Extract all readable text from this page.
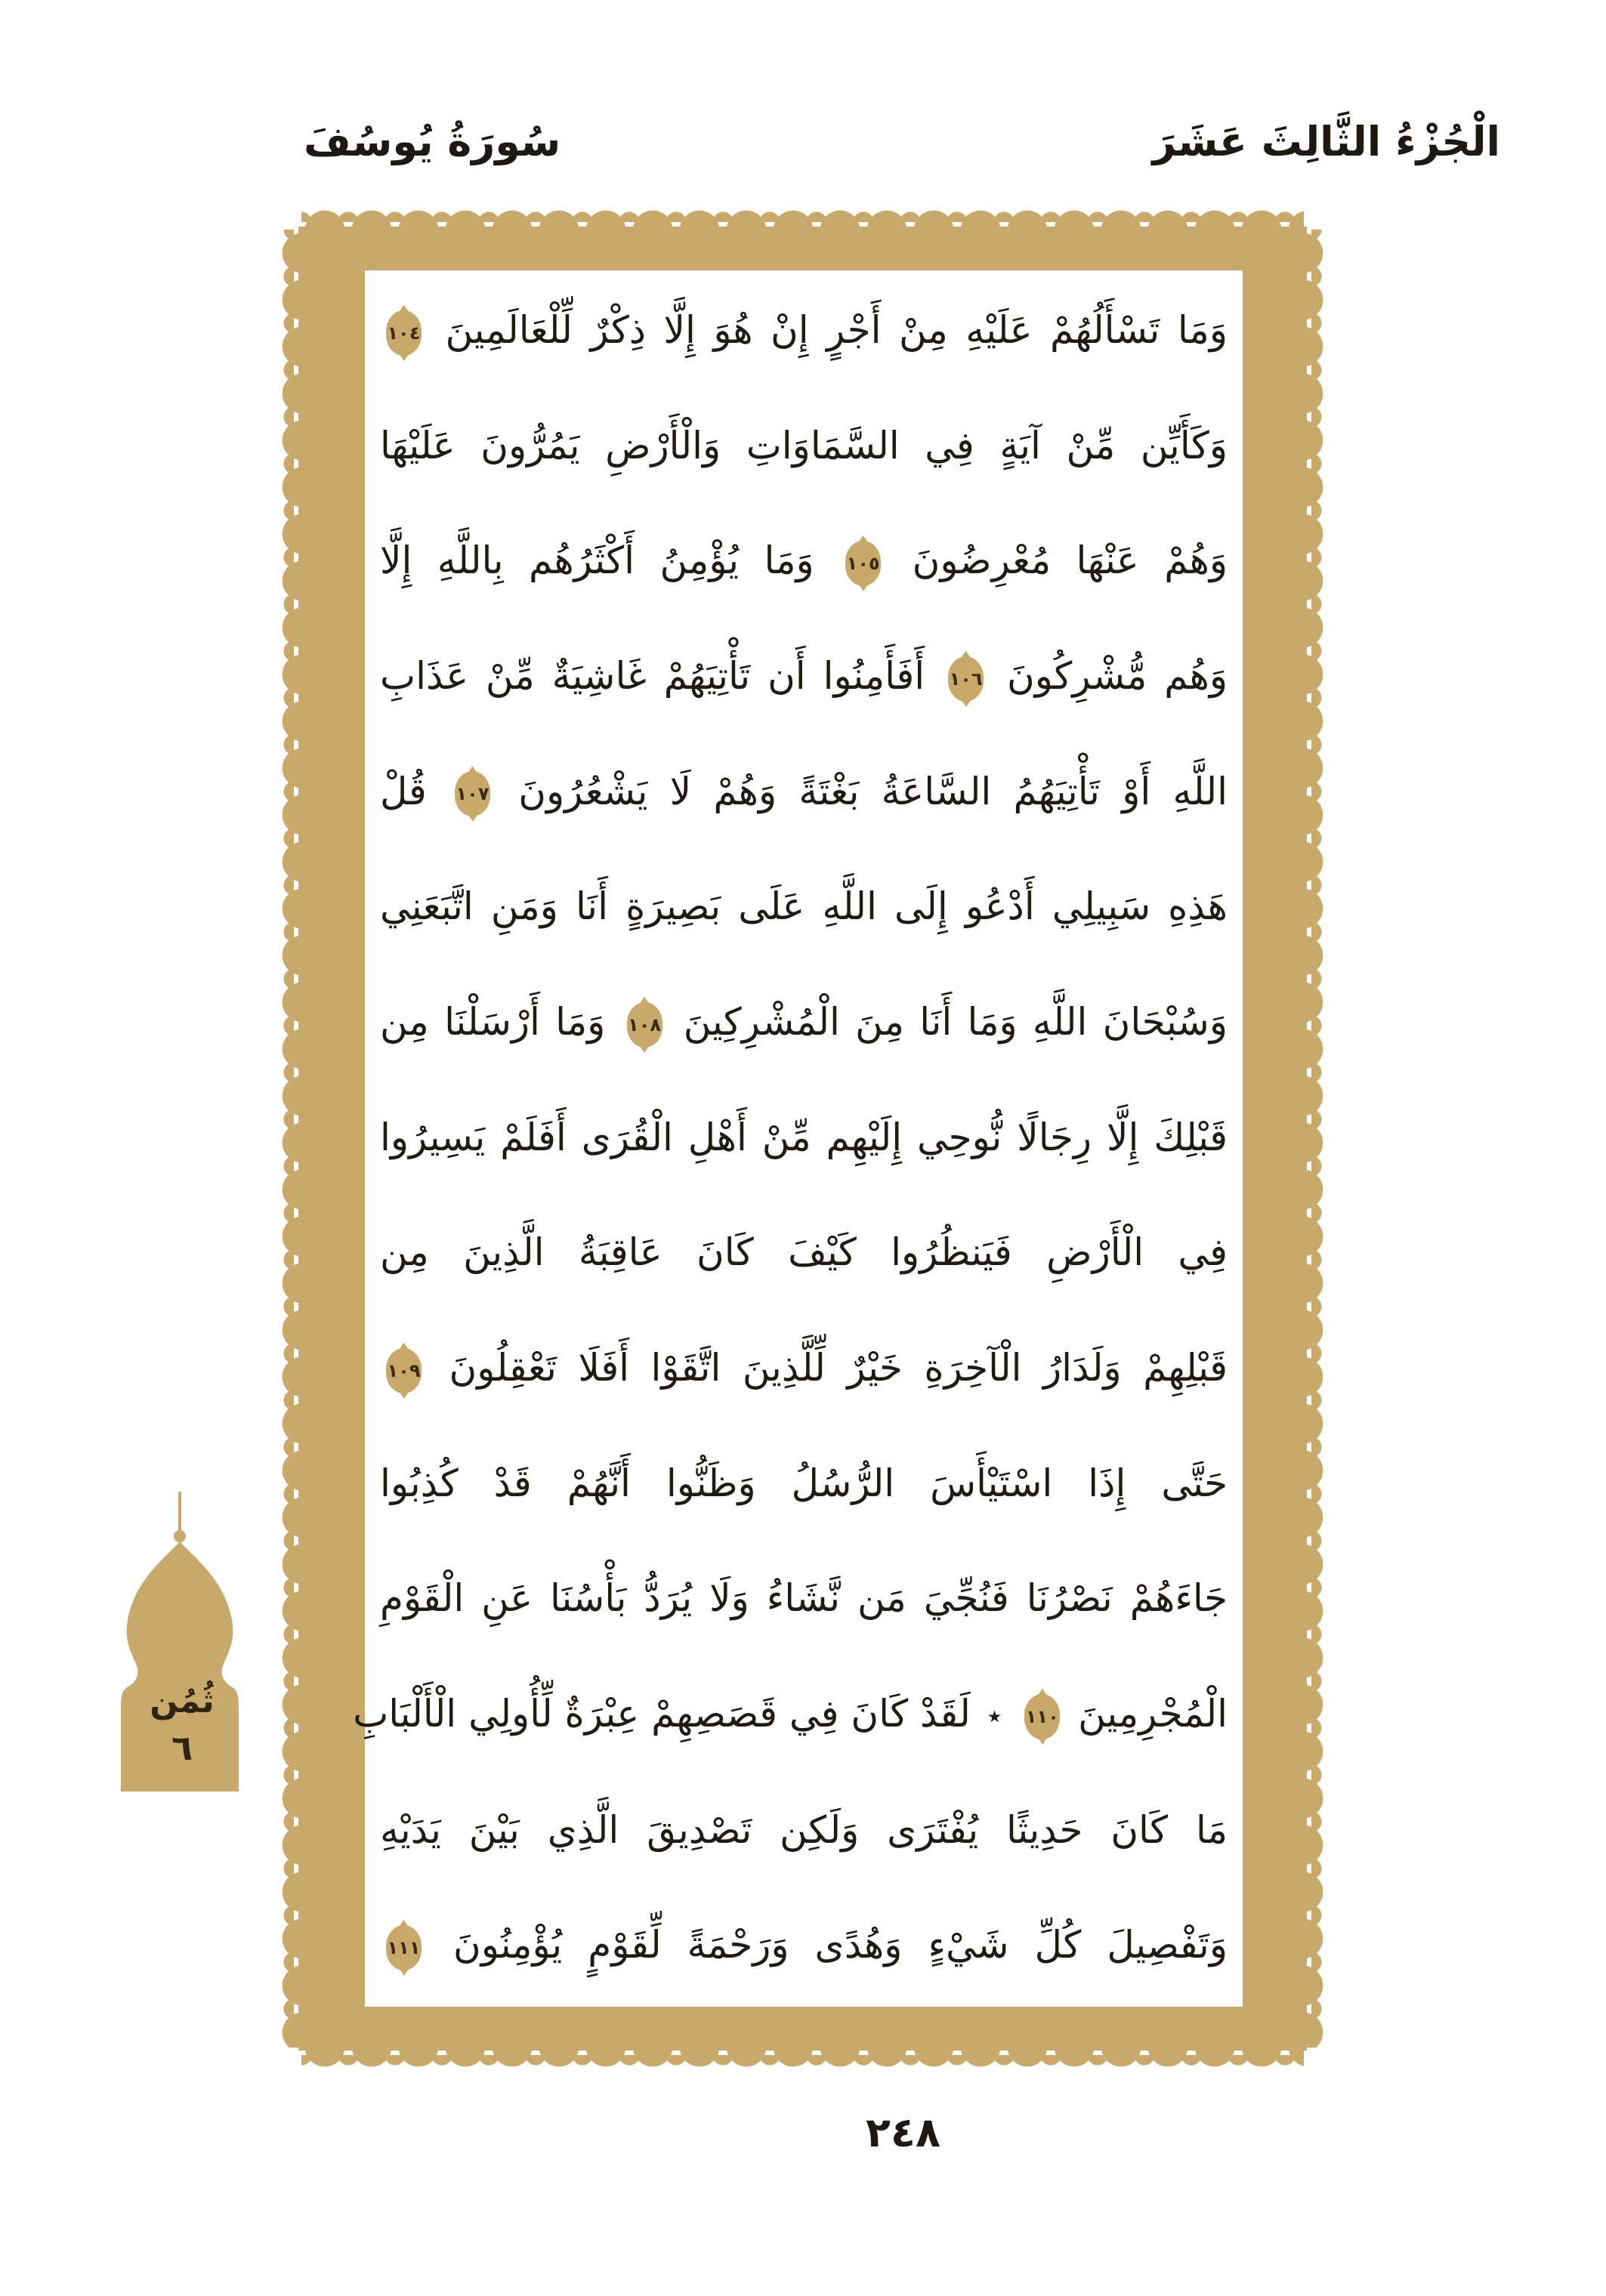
سُورَةُ يُوسُفَ	الْجُزْءُ الثَّالِثَ عَشَرَ
وَمَا تَسْأَلُهُمْ عَلَيْهِ مِنْ أَجْرٍ إِنْ هُوَ إِلَّا ذِكْرٌ لِّلْعَالَمِينَ ١٠٤
وَكَأَيِّن مِّنْ آيَةٍ فِي السَّمَاوَاتِ وَالْأَرْضِ يَمُرُّونَ عَلَيْهَا
وَهُمْ عَنْهَا مُعْرِضُونَ ١٠٥ وَمَا يُؤْمِنُ أَكْثَرُهُم بِاللَّهِ إِلَّا
وَهُم مُّشْرِكُونَ ١٠٦ أَفَأَمِنُوا أَن تَأْتِيَهُمْ غَاشِيَةٌ مِّنْ عَذَابِ
اللَّهِ أَوْ تَأْتِيَهُمُ السَّاعَةُ بَغْتَةً وَهُمْ لَا يَشْعُرُونَ ١٠٧ قُلْ
هَذِهِ سَبِيلِي أَدْعُو إِلَى اللَّهِ عَلَى بَصِيرَةٍ أَنَا وَمَنِ اتَّبَعَنِي
وَسُبْحَانَ اللَّهِ وَمَا أَنَا مِنَ الْمُشْرِكِينَ ١٠٨ وَمَا أَرْسَلْنَا مِن
قَبْلِكَ إِلَّا رِجَالًا نُّوحِي إِلَيْهِم مِّنْ أَهْلِ الْقُرَى أَفَلَمْ يَسِيرُوا
فِي الْأَرْضِ فَيَنظُرُوا كَيْفَ كَانَ عَاقِبَةُ الَّذِينَ مِن
قَبْلِهِمْ وَلَدَارُ الْآخِرَةِ خَيْرٌ لِّلَّذِينَ اتَّقَوْا أَفَلَا تَعْقِلُونَ ١٠٩
حَتَّى إِذَا اسْتَيْأَسَ الرُّسُلُ وَظَنُّوا أَنَّهُمْ قَدْ كُذِبُوا
جَاءَهُمْ نَصْرُنَا فَنُجِّيَ مَن نَّشَاءُ وَلَا يُرَدُّ بَأْسُنَا عَنِ الْقَوْمِ
الْمُجْرِمِينَ ١١٠ ٭ لَقَدْ كَانَ فِي قَصَصِهِمْ عِبْرَةٌ لِّأُولِي الْأَلْبَابِ
مَا كَانَ حَدِيثًا يُفْتَرَى وَلَكِن تَصْدِيقَ الَّذِي بَيْنَ يَدَيْهِ
وَتَفْصِيلَ كُلِّ شَيْءٍ وَهُدًى وَرَحْمَةً لِّقَوْمٍ يُؤْمِنُونَ ١١١
ثُمُن
٦
٢٤٨
